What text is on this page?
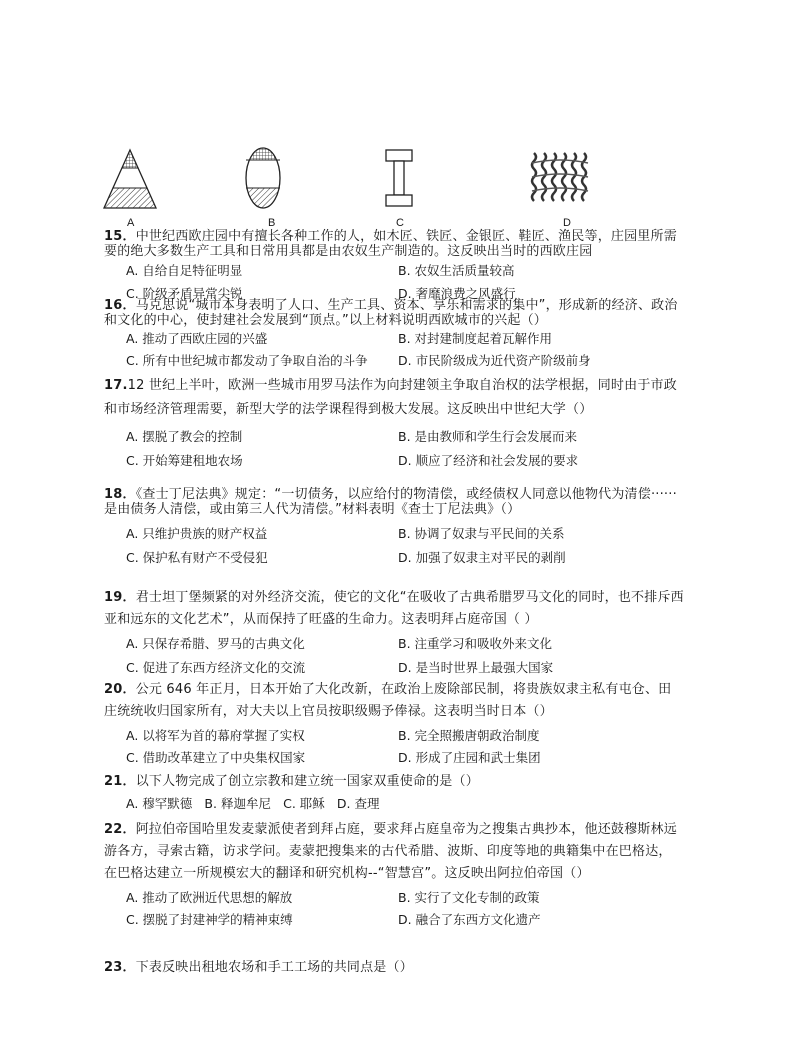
A	B	C	D
15．中世纪西欧庄园中有擅长各种工作的人，如木匠、铁匠、金银匠、鞋匠、渔民等，庄园里所需要的绝大多数生产工具和日常用具都是由农奴生产制造的。这反映出当时的西欧庄园
A. 自给自足特征明显	B. 农奴生活质量较高
C. 阶级矛盾异常尖锐	D. 奢靡浪费之风盛行
16．马克思说“城市本身表明了人口、生产工具、资本、享乐和需求的集中”，形成新的经济、政治和文化的中心，使封建社会发展到“顶点。”以上材料说明西欧城市的兴起（）
A. 推动了西欧庄园的兴盛	B. 对封建制度起着瓦解作用
C. 所有中世纪城市都发动了争取自治的斗争 D. 市民阶级成为近代资产阶级前身
17.12 世纪上半叶，欧洲一些城市用罗马法作为向封建领主争取自治权的法学根据，同时由于市政和市场经济管理需要，新型大学的法学课程得到极大发展。这反映出中世纪大学（）
A. 摆脱了教会的控制	B. 是由教师和学生行会发展而来
C. 开始筹建租地农场	D. 顺应了经济和社会发展的要求
18．《查士丁尼法典》规定：“一切债务，以应给付的物清偿，或经债权人同意以他物代为清偿······是由债务人清偿，或由第三人代为清偿。”材料表明《查士丁尼法典》（）
A. 只维护贵族的财产权益	B. 协调了奴隶与平民间的关系
C. 保护私有财产不受侵犯	D. 加强了奴隶主对平民的剥削
19．君士坦丁堡频紧的对外经济交流，使它的文化“在吸收了古典希腊罗马文化的同时，也不排斥西亚和远东的文化艺术”，从而保持了旺盛的生命力。这表明拜占庭帝国（ ）
A. 只保存希腊、罗马的古典文化	B. 注重学习和吸收外来文化
C. 促进了东西方经济文化的交流	D. 是当时世界上最强大国家
20．公元 646 年正月，日本开始了大化改新，在政治上废除部民制，将贵族奴隶主私有屯仓、田庄统统收归国家所有，对大夫以上官员按职级赐予俸禄。这表明当时日本（）
A. 以将军为首的幕府掌握了实权	B. 完全照搬唐朝政治制度
C. 借助改革建立了中央集权国家	D. 形成了庄园和武士集团
21．以下人物完成了创立宗教和建立统一国家双重使命的是（）
A. 穆罕默德 B. 释迦牟尼 C. 耶稣 D. 查理
22．阿拉伯帝国哈里发麦蒙派使者到拜占庭，要求拜占庭皇帝为之搜集古典抄本，他还鼓穆斯林远游各方，寻索古籍，访求学问。麦蒙把搜集来的古代希腊、波斯、印度等地的典籍集中在巴格达，在巴格达建立一所规模宏大的翻译和研究机构--“智慧宫”。这反映出阿拉伯帝国（）
A. 推动了欧洲近代思想的解放	B. 实行了文化专制的政策
C. 摆脱了封建神学的精神束缚	D. 融合了东西方文化遗产
23．下表反映出租地农场和手工工场的共同点是（）
